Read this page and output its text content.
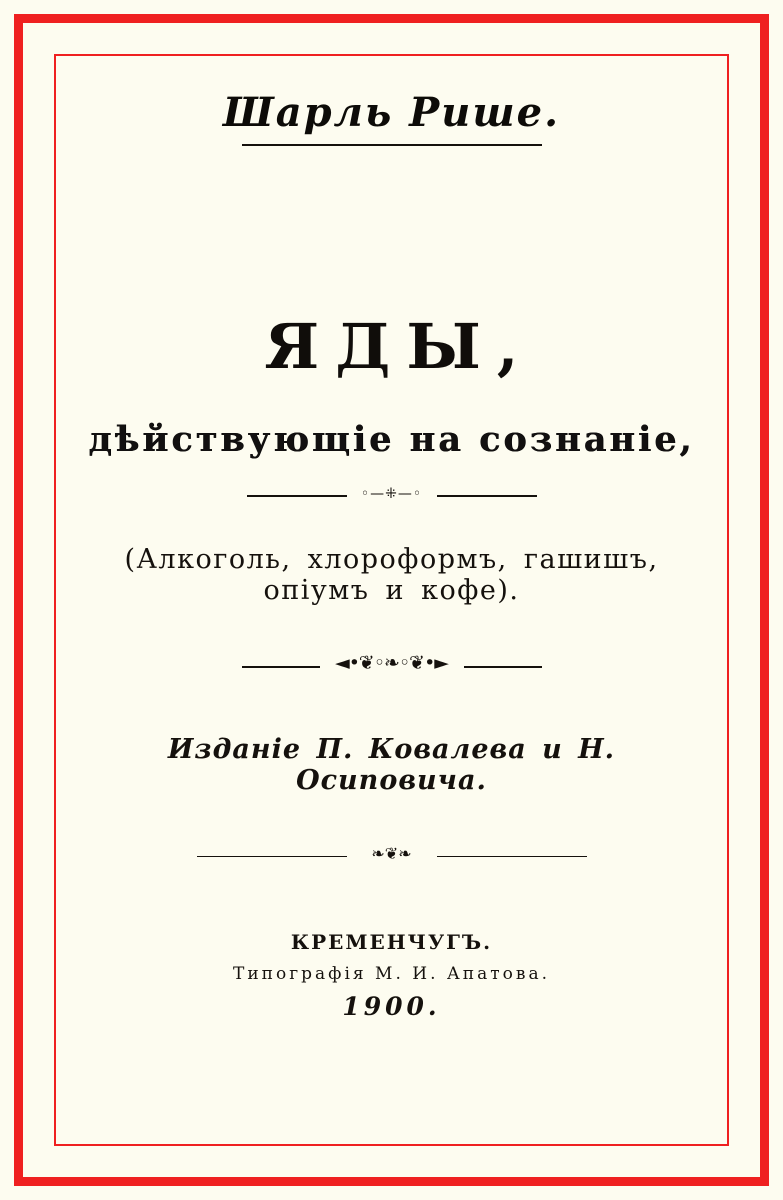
Шарль Рише.
ЯДЫ,
дѣйствующіе на сознаніе,
◦—⁜—◦
(Алкоголь, хлороформъ, гашишъ, опіумъ и кофе).
◄•❦◦❧◦❦•►
Изданіе П. Ковалева и Н. Осиповича.
❧❦❧
КРЕМЕНЧУГЪ.
Типографія М. И. Апатова.
1900.
